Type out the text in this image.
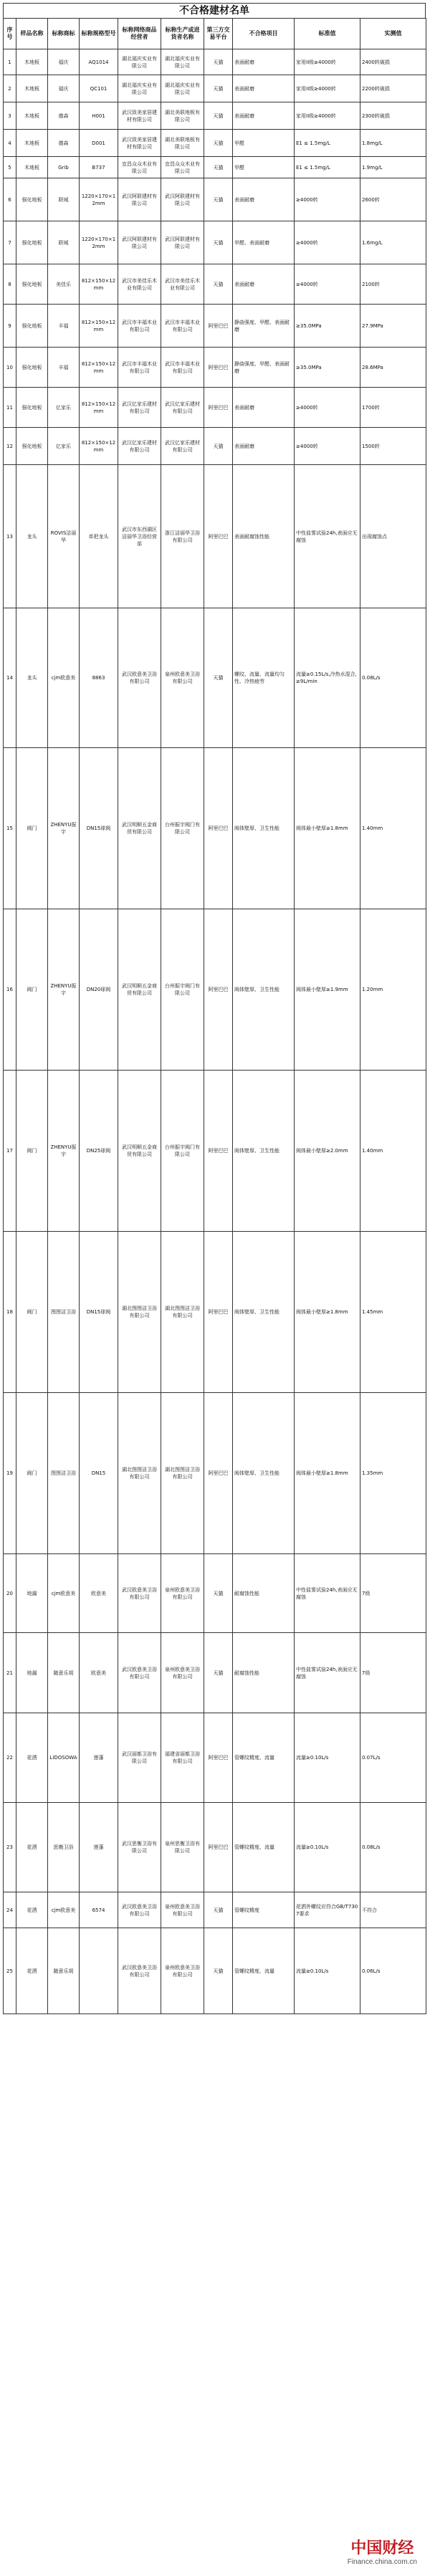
不合格建材名单
序号	样品名称	标称商标	标称规格型号	标称网络商品经营者	标称生产或进货者名称	第三方交易平台	不合格项目	标准值	实测值
1	木地板	福庆	AQ1014	湖北福庆实业有限公司	湖北福庆实业有限公司	天猫	表面耐磨	家用II级≥4000转	2400转破损
2	木地板	福庆	QC101	湖北福庆实业有限公司	湖北福庆实业有限公司	天猫	表面耐磨	家用II级≥4000转	2200转破损
3	木地板	德森	H001	武汉致美家居建材有限公司	湖北美联地板有限公司	天猫	表面耐磨	家用II级≥4000转	2300转破损
4	木地板	德森	D001	武汉致美家居建材有限公司	湖北美联地板有限公司	天猫	甲醛	E1 ≤ 1.5mg/L	1.8mg/L
5	木地板	Grib	B737	宜昌众众木业有限公司	宜昌众众木业有限公司	天猫	甲醛	E1 ≤ 1.5mg/L	1.9mg/L
6	强化地板	联城	1220×170×12mm	武汉阿联建材有限公司	武汉阿联建材有限公司	天猫	表面耐磨	≥4000转	2600转
7	强化地板	联城	1220×170×12mm	武汉阿联建材有限公司	武汉阿联建材有限公司	天猫	甲醛、表面耐磨	≥4000转	1.6mg/L
8	强化地板	美佳乐	812×150×12mm	武汉市美佳乐木业有限公司	武汉市美佳乐木业有限公司	天猫	表面耐磨	≥4000转	2100转
9	强化地板	丰福	812×150×12mm	武汉市丰福木业有限公司	武汉市丰福木业有限公司	阿里巴巴	静曲强度、甲醛、表面耐磨	≥35.0MPa	27.9MPa
10	强化地板	丰福	812×150×12mm	武汉市丰福木业有限公司	武汉市丰福木业有限公司	阿里巴巴	静曲强度、甲醛、表面耐磨	≥35.0MPa	28.6MPa
11	强化地板	亿家乐	812×150×12mm	武汉亿家乐建材有限公司	武汉亿家乐建材有限公司	阿里巴巴	表面耐磨	≥4000转	1700转
12	强化地板	亿家乐	812×150×12mm	武汉亿家乐建材有限公司	武汉亿家乐建材有限公司	天猫	表面耐磨	≥4000转	1500转
13	龙头	ROVIS洁丽华	单把龙头	武汉市东西湖区洁丽华卫浴经营部	浙江洁丽华卫浴有限公司	阿里巴巴	表面耐腐蚀性能	中性盐雾试验24h,表面应无腐蚀	出现腐蚀点
14	龙头	cjm欧意美	8863	武汉欧意美卫浴有限公司	泉州欧意美卫浴有限公司	天猫	螺纹、流量、流量均匀性、冷热疲劳	流量≥0.15L/s,冷热水混合,≥9L/min	0.08L/s
15	阀门	ZHENYU振宇	DN15球阀	武汉明顺五金商贸有限公司	台州振宇阀门有限公司	阿里巴巴	阀体壁厚、卫生性能	阀体最小壁厚≥1.8mm	1.40mm
16	阀门	ZHENYU振宇	DN20球阀	武汉明顺五金商贸有限公司	台州振宇阀门有限公司	阿里巴巴	阀体壁厚、卫生性能	阀体最小壁厚≥1.9mm	1.20mm
17	阀门	ZHENYU振宇	DN25球阀	武汉明顺五金商贸有限公司	台州振宇阀门有限公司	阿里巴巴	阀体壁厚、卫生性能	阀体最小壁厚≥2.0mm	1.40mm
18	阀门	图图洁卫浴	DN15球阀	湖北图图洁卫浴有限公司	湖北图图洁卫浴有限公司	阿里巴巴	阀体壁厚、卫生性能	阀体最小壁厚≥1.8mm	1.45mm
19	阀门	图图洁卫浴	DN15	湖北图图洁卫浴有限公司	湖北图图洁卫浴有限公司	阿里巴巴	阀体壁厚、卫生性能	阀体最小壁厚≥1.8mm	1.35mm
20	地漏	cjm欧意美	欧意美	武汉欧意美卫浴有限公司	泉州欧意美卫浴有限公司	天猫	耐腐蚀性能	中性盐雾试验24h,表面应无腐蚀	7级
21	地漏	随意乐胡	欧意美	武汉欧意美卫浴有限公司	泉州欧意美卫浴有限公司	天猫	耐腐蚀性能	中性盐雾试验24h,表面应无腐蚀	7级
22	花洒	LIDOSOWA	莲蓬	武汉丽都卫浴有限公司	福建省丽都卫浴有限公司	阿里巴巴	管螺纹精度、流量	流量≥0.10L/s	0.07L/s
23	花洒	思衡卫浴	莲蓬	武汉思衡卫浴有限公司	泉州思衡卫浴有限公司	阿里巴巴	管螺纹精度、流量	流量≥0.10L/s	0.08L/s
24	花洒	cjm欧意美	6574	武汉欧意美卫浴有限公司	泉州欧意美卫浴有限公司	天猫	管螺纹精度	花洒外螺纹应符合GB/T7307要求	不符合
25	花洒	随意乐胡		武汉欧意美卫浴有限公司	泉州欧意美卫浴有限公司	天猫	管螺纹精度、流量	流量≥0.10L/s	0.06L/s
中国财经
Finance.china.com.cn
